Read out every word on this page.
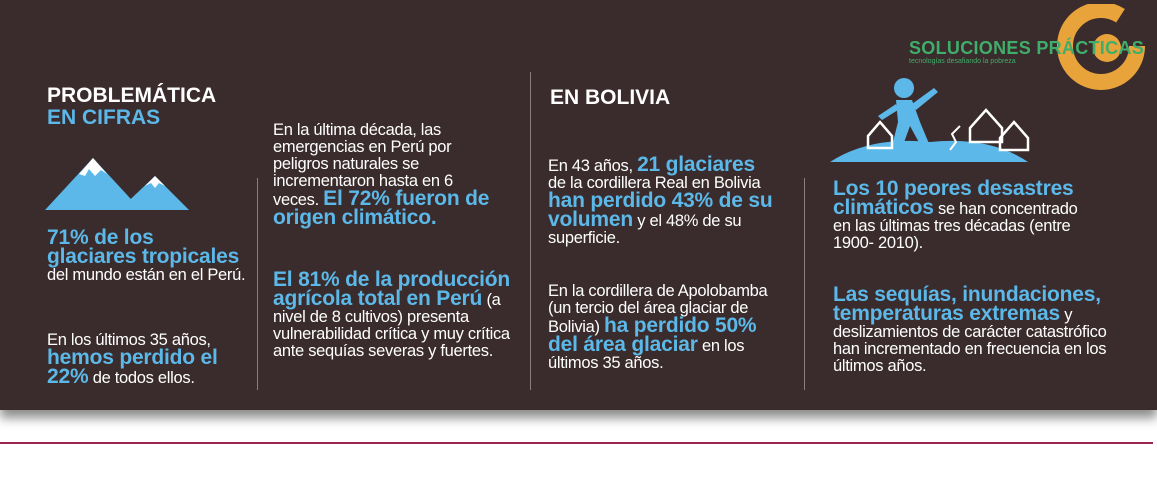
SOLUCIONES PRÁCTICAS
tecnologías desafiando la pobreza
PROBLEMÁTICA
EN CIFRAS
71% de los glaciares tropicales del mundo están en el Perú.
En los últimos 35 años, hemos perdido el 22% de todos ellos.
En la última década, las emergencias en Perú por peligros naturales se incrementaron hasta en 6 veces. El 72% fueron de origen climático.
El 81% de la producción agrícola total en Perú (a nivel de 8 cultivos) presenta vulnerabilidad crítica y muy crítica ante sequías severas y fuertes.
EN BOLIVIA
En 43 años, 21 glaciares de la cordillera Real en Bolivia han perdido 43% de su volumen y el 48% de su superficie.
En la cordillera de Apolobamba (un tercio del área glaciar de Bolivia) ha perdido 50% del área glaciar en los últimos 35 años.
Los 10 peores desastres climáticos se han concentrado en las últimas tres décadas (entre 1900- 2010).
Las sequías, inundaciones, temperaturas extremas y deslizamientos de carácter catastrófico han incrementado en frecuencia en los últimos años.
